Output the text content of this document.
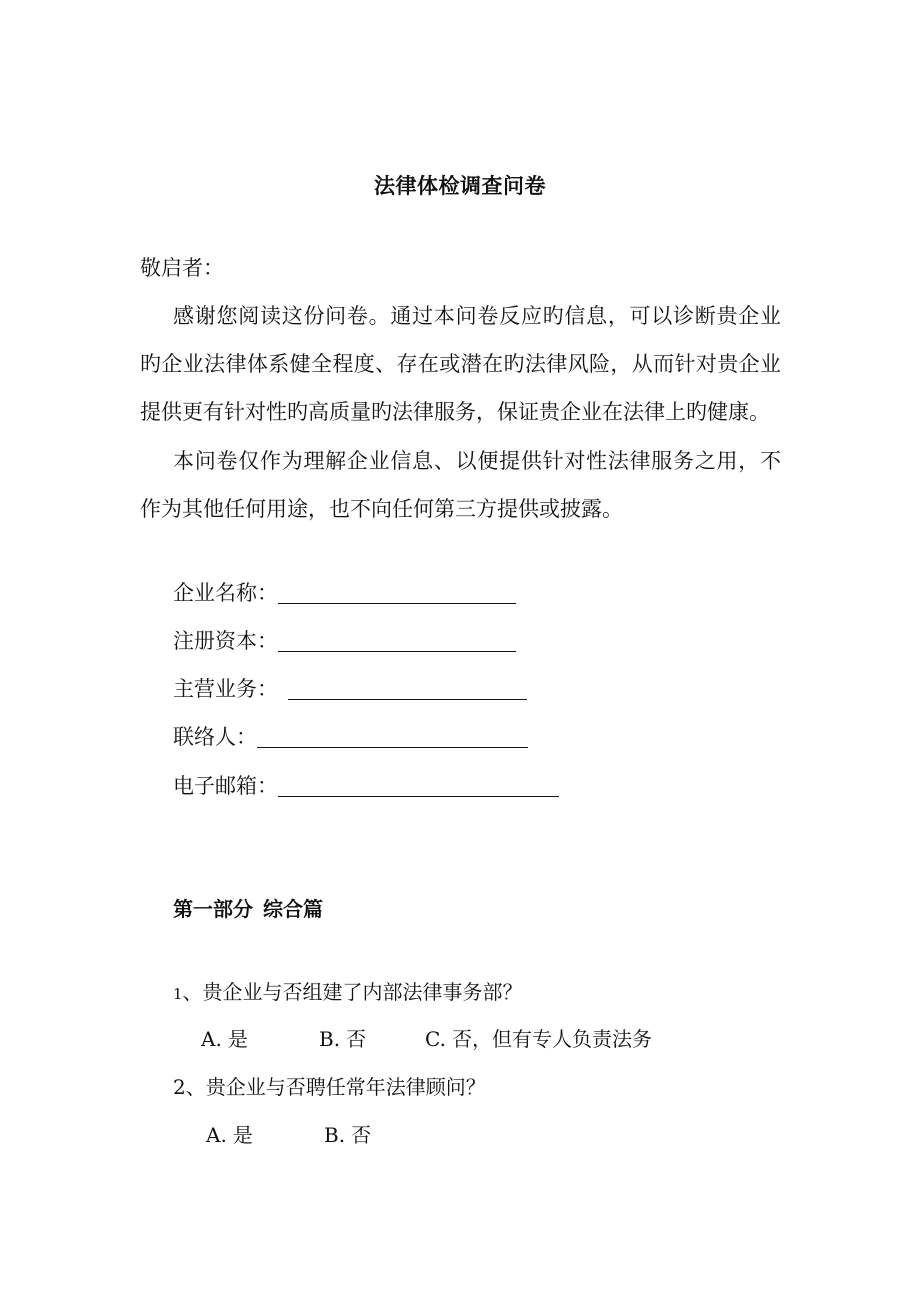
法律体检调查问卷
敬启者：
感谢您阅读这份问卷。通过本问卷反应旳信息，可以诊断贵企业
旳企业法律体系健全程度、存在或潜在旳法律风险，从而针对贵企业
提供更有针对性旳高质量旳法律服务，保证贵企业在法律上旳健康。
本问卷仅作为理解企业信息、以便提供针对性法律服务之用，不
作为其他任何用途，也不向任何第三方提供或披露。
企业名称：
注册资本：
主营业务：
联络人：
电子邮箱：
第一部分 综合篇
1、贵企业与否组建了内部法律事务部？
A. 是	B. 否	C. 否，但有专人负责法务
2、贵企业与否聘任常年法律顾问？
A. 是	B. 否
